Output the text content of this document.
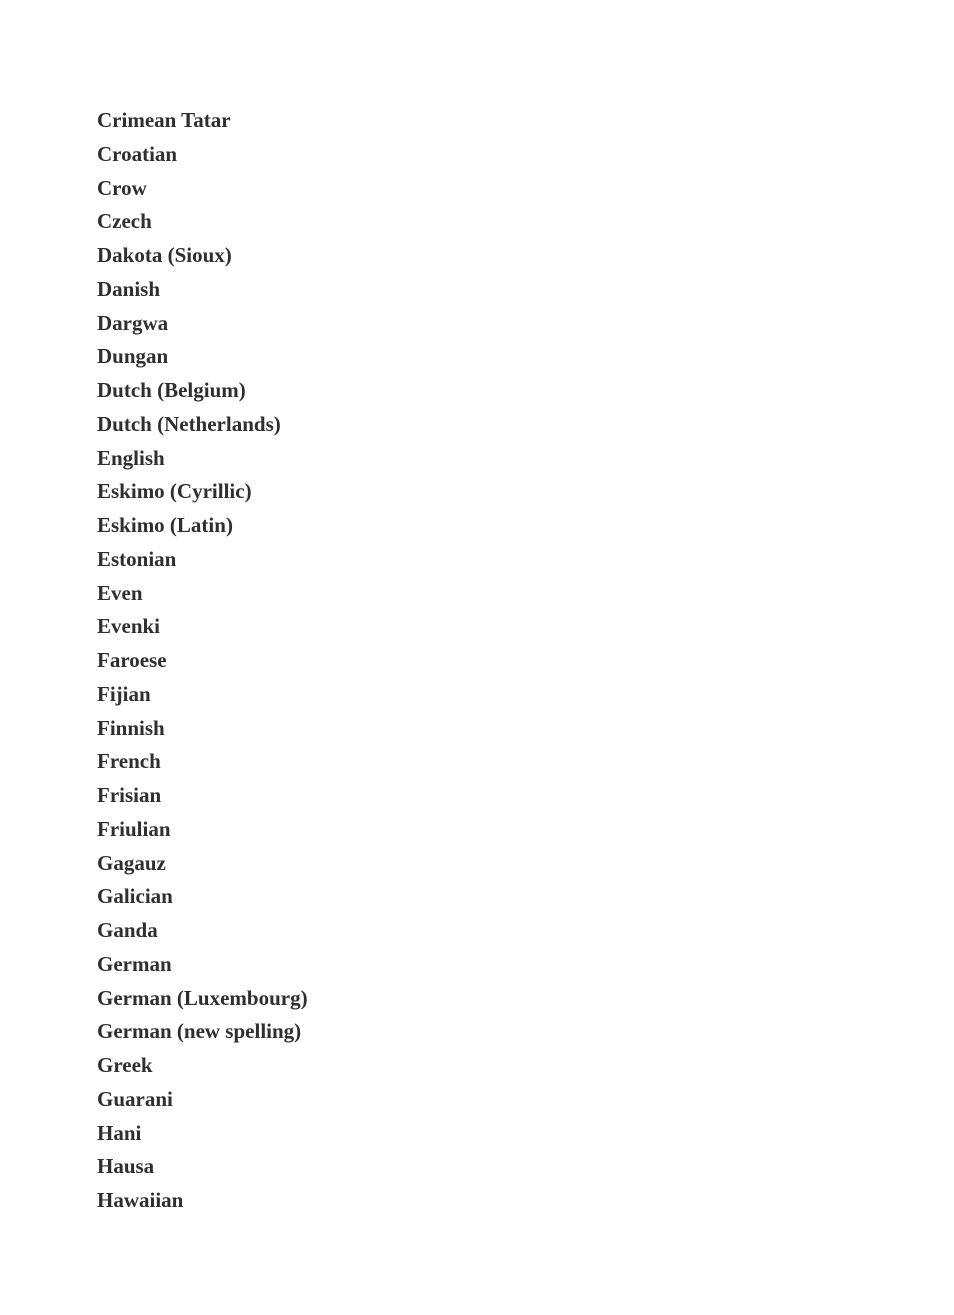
Crimean Tatar
Croatian
Crow
Czech
Dakota (Sioux)
Danish
Dargwa
Dungan
Dutch (Belgium)
Dutch (Netherlands)
English
Eskimo (Cyrillic)
Eskimo (Latin)
Estonian
Even
Evenki
Faroese
Fijian
Finnish
French
Frisian
Friulian
Gagauz
Galician
Ganda
German
German (Luxembourg)
German (new spelling)
Greek
Guarani
Hani
Hausa
Hawaiian
